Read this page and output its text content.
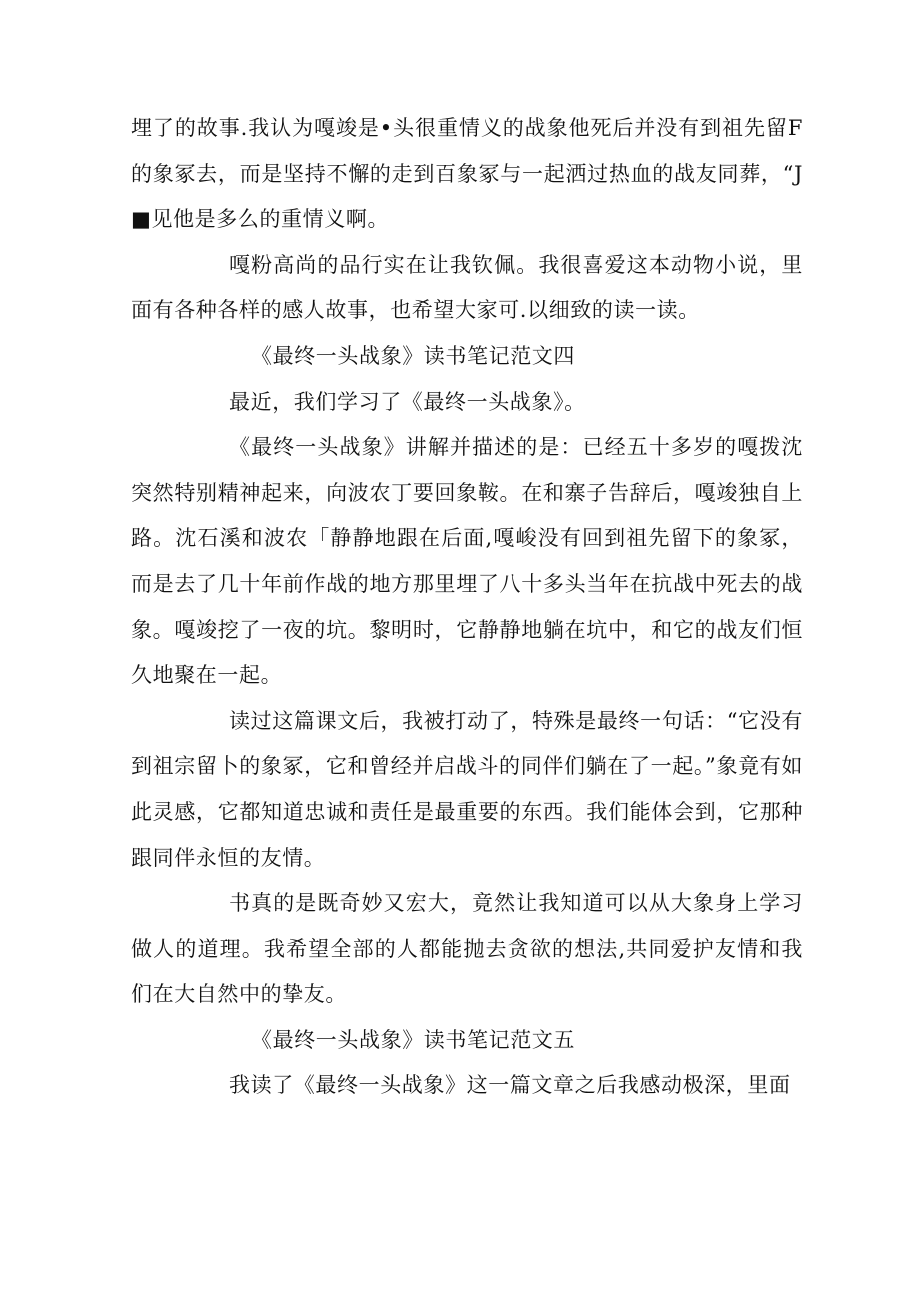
埋了的故事.我认为嘎竣是•头很重情义的战象他死后并没有到祖先留F的象冢去，而是坚持不懈的走到百象冢与一起洒过热血的战友同葬，“J■见他是多么的重情义啊。

嘎粉高尚的品行实在让我钦佩。我很喜爱这本动物小说，里面有各种各样的感人故事，也希望大家可.以细致的读一读。

《最终一头战象》读书笔记范文四

最近，我们学习了《最终一头战象》。

《最终一头战象》讲解并描述的是：已经五十多岁的嘎拨沈突然特别精神起来，向波农丁要回象鞍。在和寨子告辞后，嘎竣独自上路。沈石溪和波农「静静地跟在后面,嘎峻没有回到祖先留下的象冢，而是去了几十年前作战的地方那里埋了八十多头当年在抗战中死去的战象。嘎竣挖了一夜的坑。黎明时，它静静地躺在坑中，和它的战友们恒久地聚在一起。

读过这篇课文后，我被打动了，特殊是最终一句话：“它没有到祖宗留卜的象冢，它和曾经并启战斗的同伴们躺在了一起。”象竟有如此灵感，它都知道忠诚和责任是最重要的东西。我们能体会到，它那种跟同伴永恒的友情。

书真的是既奇妙又宏大，竟然让我知道可以从大象身上学习做人的道理。我希望全部的人都能抛去贪欲的想法,共同爱护友情和我们在大自然中的挚友。

《最终一头战象》读书笔记范文五

我读了《最终一头战象》这一篇文章之后我感动极深，里面
